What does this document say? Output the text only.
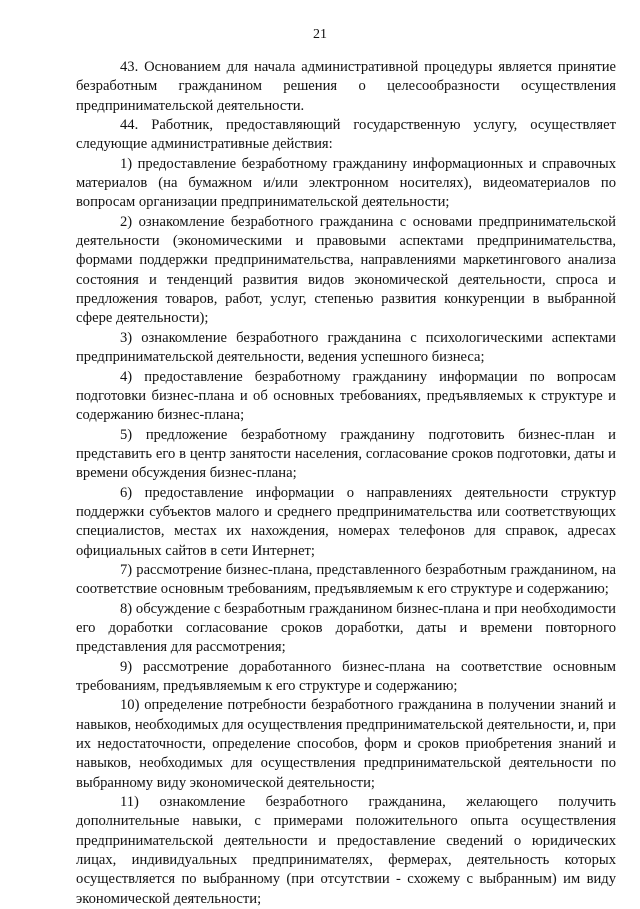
21

43. Основанием для начала административной процедуры является принятие безработным гражданином решения о целесообразности осуществления предпринимательской деятельности.

44. Работник, предоставляющий государственную услугу, осуществляет следующие административные действия:

1) предоставление безработному гражданину информационных и справочных материалов (на бумажном и/или электронном носителях), видеоматериалов по вопросам организации предпринимательской деятельности;

2) ознакомление безработного гражданина с основами предпринимательской деятельности (экономическими и правовыми аспектами предпринимательства, формами поддержки предпринимательства, направлениями маркетингового анализа состояния и тенденций развития видов экономической деятельности, спроса и предложения товаров, работ, услуг, степенью развития конкуренции в выбранной сфере деятельности);

3) ознакомление безработного гражданина с психологическими аспектами предпринимательской деятельности, ведения успешного бизнеса;

4) предоставление безработному гражданину информации по вопросам подготовки бизнес-плана и об основных требованиях, предъявляемых к структуре и содержанию бизнес-плана;

5) предложение безработному гражданину подготовить бизнес-план и представить его в центр занятости населения, согласование сроков подготовки, даты и времени обсуждения бизнес-плана;

6) предоставление информации о направлениях деятельности структур поддержки субъектов малого и среднего предпринимательства или соответствующих специалистов, местах их нахождения, номерах телефонов для справок, адресах официальных сайтов в сети Интернет;

7) рассмотрение бизнес-плана, представленного безработным гражданином, на соответствие основным требованиям, предъявляемым к его структуре и содержанию;

8) обсуждение с безработным гражданином бизнес-плана и при необходимости его доработки согласование сроков доработки, даты и времени повторного представления для рассмотрения;

9) рассмотрение доработанного бизнес-плана на соответствие основным требованиям, предъявляемым к его структуре и содержанию;

10) определение потребности безработного гражданина в получении знаний и навыков, необходимых для осуществления предпринимательской деятельности, и, при их недостаточности, определение способов, форм и сроков приобретения знаний и навыков, необходимых для осуществления предпринимательской деятельности по выбранному виду экономической деятельности;

11) ознакомление безработного гражданина, желающего получить дополнительные навыки, с примерами положительного опыта осуществления предпринимательской деятельности и предоставление сведений о юридических лицах, индивидуальных предпринимателях, фермерах, деятельность которых осуществляется по выбранному (при отсутствии - схожему с выбранным) им виду экономической деятельности;
